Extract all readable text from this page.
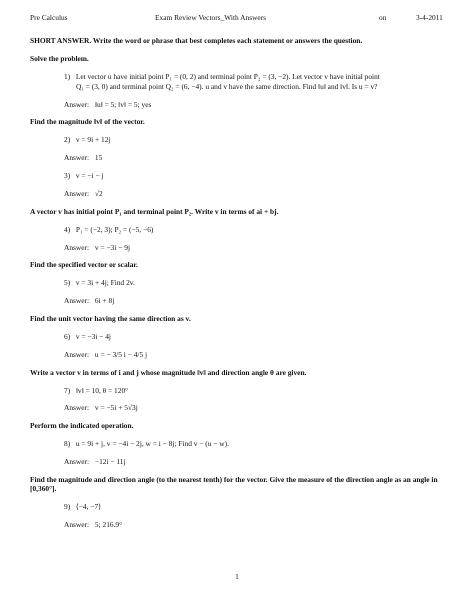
Pre Calculus	Exam Review Vectors_With Answers	on	3-4-2011
SHORT ANSWER. Write the word or phrase that best completes each statement or answers the question.
Solve the problem.
1) Let vector u have initial point P₁ = (0, 2) and terminal point P₂ = (3, −2). Let vector v have initial point
Q₁ = (3, 0) and terminal point Q₂ = (6, −4). u and v have the same direction. Find ‖u‖ and ‖v‖. Is u = v?
Answer: ‖u‖ = 5; ‖v‖ = 5; yes
Find the magnitude ‖v‖ of the vector.
2) v = 9i + 12j
Answer: 15
3) v = −i − j
Answer: √2
A vector v has initial point P₁ and terminal point P₂. Write v in terms of ai + bj.
4) P₁ = (−2, 3); P₂ = (−5, −6)
Answer: v = −3i − 9j
Find the specified vector or scalar.
5) v = 3i + 4j; Find 2v.
Answer: 6i + 8j
Find the unit vector having the same direction as v.
6) v = −3i − 4j
Answer: u = − 3/5 i − 4/5 j
Write a vector v in terms of i and j whose magnitude ‖v‖ and direction angle θ are given.
7) ‖v‖ = 10, θ = 120°
Answer: v = −5i + 5√3j
Perform the indicated operation.
8) u = 9i + j, v = −4i − 2j, w = i − 8j; Find v − (u − w).
Answer: −12i − 11j
Find the magnitude and direction angle (to the nearest tenth) for the vector. Give the measure of the direction angle as an angle in [0,360°].
9) ⟨−4, −7⟩
Answer: 5; 216.9°
1
